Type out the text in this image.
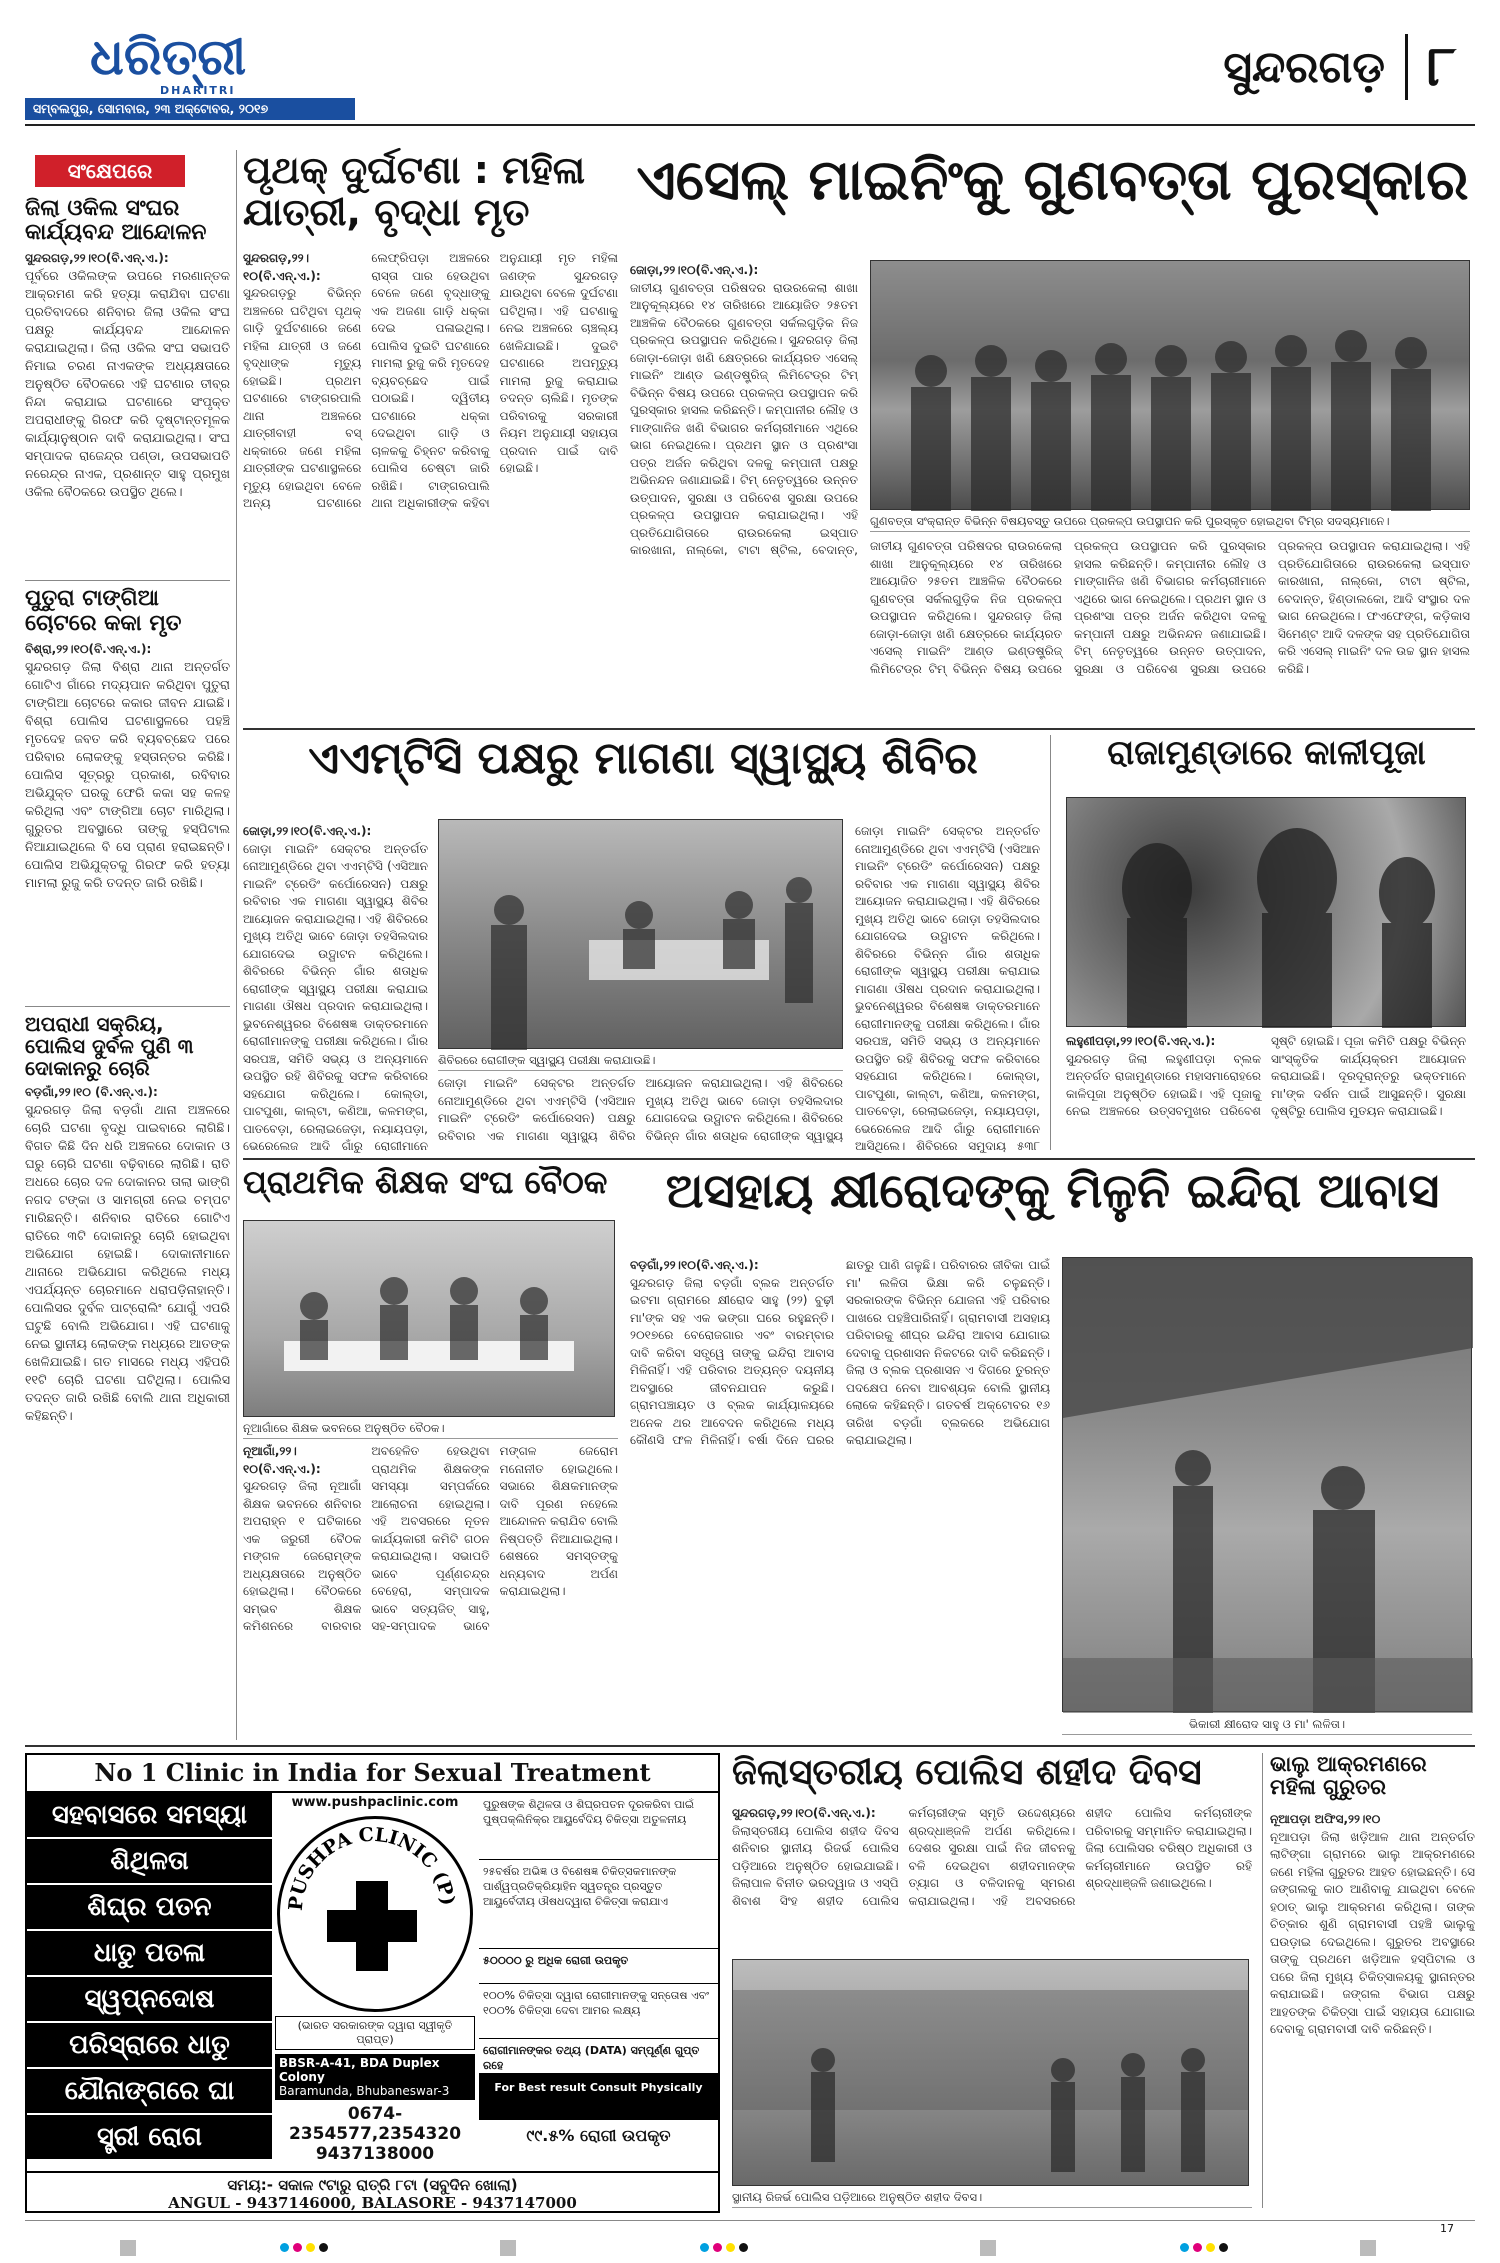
ଧରିତ୍ରୀ
DHARITRI
ସମ୍ବଲପୁର, ସୋମବାର, ୨୩ ଅକ୍ଟୋବର, ୨୦୧୭
ସୁନ୍ଦରଗଡ଼ ୮
ସଂକ୍ଷେପରେ
ଜିଲା ଓକିଲ ସଂଘର କାର୍ଯ୍ୟବନ୍ଦ ଆନ୍ଦୋଳନ
ସୁନ୍ଦରଗଡ଼,୨୨।୧୦(ବି.ଏନ୍.ଏ.):
ପୂର୍ବରେ ଓକିଲଙ୍କ ଉପରେ ମରଣାନ୍ତକ ଆକ୍ରମଣ କରି ହତ୍ୟା କରାଯିବା ଘଟଣା ପ୍ରତିବାଦରେ ଶନିବାର ଜିଲା ଓକିଲ ସଂଘ ପକ୍ଷରୁ କାର୍ଯ୍ୟବନ୍ଦ ଆନ୍ଦୋଳନ କରାଯାଇଥିଲା। ଜିଲା ଓକିଲ ସଂଘ ସଭାପତି ନିମାଇ ଚରଣ ନାଏକଙ୍କ ଅଧ୍ୟକ୍ଷତାରେ ଅନୁଷ୍ଠିତ ବୈଠକରେ ଏହି ଘଟଣାର ତୀବ୍ର ନିନ୍ଦା କରାଯାଇ ଘଟଣାରେ ସଂପୃକ୍ତ ଅପରାଧୀଙ୍କୁ ଗିରଫ କରି ଦୃଷ୍ଟାନ୍ତମୂଳକ କାର୍ଯ୍ୟାନୁଷ୍ଠାନ ଦାବି କରାଯାଇଥିଲା। ସଂଘ ସମ୍ପାଦକ ରାଜେନ୍ଦ୍ର ପଣ୍ଡା, ଉପସଭାପତି ନରେନ୍ଦ୍ର ନାଏକ, ପ୍ରଶାନ୍ତ ସାହୁ ପ୍ରମୁଖ ଓକିଲ ବୈଠକରେ ଉପସ୍ଥିତ ଥିଲେ।
ପୁତୁରା ଟାଙ୍ଗିଆ ଚୋଟରେ କକା ମୃତ
ବିଶ୍ରା,୨୨।୧୦(ବି.ଏନ୍.ଏ.):
ସୁନ୍ଦରଗଡ଼ ଜିଲା ବିଶ୍ରା ଥାନା ଅନ୍ତର୍ଗତ ଗୋଟିଏ ଗାଁରେ ମଦ୍ୟପାନ କରିଥିବା ପୁତୁରା ଟାଙ୍ଗିଆ ଚୋଟରେ କକାର ଜୀବନ ଯାଇଛି। ବିଶ୍ରା ପୋଲିସ ଘଟଣାସ୍ଥଳରେ ପହଞ୍ଚି ମୃତଦେହ ଜବତ କରି ବ୍ୟବଚ୍ଛେଦ ପରେ ପରିବାର ଲୋକଙ୍କୁ ହସ୍ତାନ୍ତର କରିଛି। ପୋଲିସ ସୂତ୍ରରୁ ପ୍ରକାଶ, ରବିବାର ଅଭିଯୁକ୍ତ ଘରକୁ ଫେରି କକା ସହ କଳହ କରିଥିଲା ଏବଂ ଟାଙ୍ଗିଆ ଚୋଟ ମାରିଥିଲା। ଗୁରୁତର ଅବସ୍ଥାରେ ତାଙ୍କୁ ହସ୍ପିଟାଲ ନିଆଯାଇଥିଲେ ବି ସେ ପ୍ରାଣ ହରାଇଛନ୍ତି। ପୋଲିସ ଅଭିଯୁକ୍ତକୁ ଗିରଫ କରି ହତ୍ୟା ମାମଲା ରୁଜୁ କରି ତଦନ୍ତ ଜାରି ରଖିଛି।
ଅପରାଧୀ ସକ୍ରିୟ, ପୋଲିସ ଦୁର୍ବଳ ପୁଣି ୩ ଦୋକାନରୁ ଚୋରି
ବଡ଼ଗାଁ,୨୨।୧୦ (ବି.ଏନ୍.ଏ.):
ସୁନ୍ଦରଗଡ଼ ଜିଲା ବଡ଼ଗାଁ ଥାନା ଅଞ୍ଚଳରେ ଚୋରି ଘଟଣା ବୃଦ୍ଧି ପାଇବାରେ ଲାଗିଛି। ବିଗତ କିଛି ଦିନ ଧରି ଅଞ୍ଚଳରେ ଦୋକାନ ଓ ଘରୁ ଚୋରି ଘଟଣା ବଢ଼ିବାରେ ଲାଗିଛି। ରାତି ଅଧରେ ଚୋର ଦଳ ଦୋକାନର ତାଲା ଭାଙ୍ଗି ନଗଦ ଟଙ୍କା ଓ ସାମଗ୍ରୀ ନେଇ ଚମ୍ପଟ ମାରିଛନ୍ତି। ଶନିବାର ରାତିରେ ଗୋଟିଏ ରାତିରେ ୩ଟି ଦୋକାନରୁ ଚୋରି ହୋଇଥିବା ଅଭିଯୋଗ ହୋଇଛି। ଦୋକାନୀମାନେ ଥାନାରେ ଅଭିଯୋଗ କରିଥିଲେ ମଧ୍ୟ ଏପର୍ଯ୍ୟନ୍ତ ଚୋରମାନେ ଧରାପଡ଼ିନାହାନ୍ତି। ପୋଲିସର ଦୁର୍ବଳ ପାଟ୍ରୋଲିଂ ଯୋଗୁଁ ଏପରି ଘଟୁଛି ବୋଲି ଅଭିଯୋଗ। ଏହି ଘଟଣାକୁ ନେଇ ସ୍ଥାନୀୟ ଲୋକଙ୍କ ମଧ୍ୟରେ ଆତଙ୍କ ଖେଳିଯାଇଛି। ଗତ ମାସରେ ମଧ୍ୟ ଏହିପରି ୧୧ଟି ଚୋରି ଘଟଣା ଘଟିଥିଲା। ପୋଲିସ ତଦନ୍ତ ଜାରି ରଖିଛି ବୋଲି ଥାନା ଅଧିକାରୀ କହିଛନ୍ତି।
ପୃଥକ୍ ଦୁର୍ଘଟଣା : ମହିଳା ଯାତ୍ରୀ, ବୃଦ୍ଧା ମୃତ
ସୁନ୍ଦରଗଡ଼,୨୨।୧୦(ବି.ଏନ୍.ଏ.):
ସୁନ୍ଦରଗଡ଼ରୁ ବିଭିନ୍ନ ଅଞ୍ଚଳରେ ଘଟିଥିବା ପୃଥକ୍ ଗାଡ଼ି ଦୁର୍ଘଟଣାରେ ଜଣେ ମହିଳା ଯାତ୍ରୀ ଓ ଜଣେ ବୃଦ୍ଧାଙ୍କ ମୃତ୍ୟୁ ହୋଇଛି। ପ୍ରଥମ ଘଟଣାରେ ଟାଙ୍ଗରପାଲି ଥାନା ଅଞ୍ଚଳରେ ଯାତ୍ରୀବାହୀ ବସ୍ ଧକ୍କାରେ ଜଣେ ମହିଳା ଯାତ୍ରୀଙ୍କ ଘଟଣାସ୍ଥଳରେ ମୃତ୍ୟୁ ହୋଇଥିବା ବେଳେ ଅନ୍ୟ ଘଟଣାରେ ଲେଫ୍ରିପଡ଼ା ଅଞ୍ଚଳରେ ରାସ୍ତା ପାର ହେଉଥିବା ବେଳେ ଜଣେ ବୃଦ୍ଧାଙ୍କୁ ଏକ ଅଜଣା ଗାଡ଼ି ଧକ୍କା ଦେଇ ପଳାଇଥିଲା। ପୋଲିସ ଦୁଇଟି ଘଟଣାରେ ମାମଲା ରୁଜୁ କରି ମୃତଦେହ ବ୍ୟବଚ୍ଛେଦ ପାଇଁ ପଠାଇଛି। ଦ୍ୱିତୀୟ ଘଟଣାରେ ଧକ୍କା ଦେଇଥିବା ଗାଡ଼ି ଓ ଚାଳକକୁ ଚିହ୍ନଟ କରିବାକୁ ପୋଲିସ ଚେଷ୍ଟା ଜାରି ରଖିଛି। ଟାଙ୍ଗରପାଲି ଥାନା ଅଧିକାରୀଙ୍କ କହିବା ଅନୁଯାୟୀ ମୃତ ମହିଳା ଜଣଙ୍କ ସୁନ୍ଦରଗଡ଼ ଯାଉଥିବା ବେଳେ ଦୁର୍ଘଟଣା ଘଟିଥିଲା। ଏହି ଘଟଣାକୁ ନେଇ ଅଞ୍ଚଳରେ ଚାଞ୍ଚଲ୍ୟ ଖେଳିଯାଇଛି। ଦୁଇଟି ଘଟଣାରେ ଅପମୃତ୍ୟୁ ମାମଲା ରୁଜୁ କରାଯାଇ ତଦନ୍ତ ଚାଲିଛି। ମୃତଙ୍କ ପରିବାରକୁ ସରକାରୀ ନିୟମ ଅନୁଯାୟୀ ସହାୟତା ପ୍ରଦାନ ପାଇଁ ଦାବି ହୋଇଛି।
ଏସେଲ୍ ମାଇନିଂକୁ ଗୁଣବତ୍ତା ପୁରସ୍କାର
ଜୋଡ଼ା,୨୨।୧୦(ବି.ଏନ୍.ଏ.):
ଜାତୀୟ ଗୁଣବତ୍ତା ପରିଷଦର ରାଉରକେଲା ଶାଖା ଆନୁକୂଲ୍ୟରେ ୧୪ ତାରିଖରେ ଆୟୋଜିତ ୨୫ତମ ଆଞ୍ଚଳିକ ବୈଠକରେ ଗୁଣବତ୍ତା ସର୍କଲଗୁଡ଼ିକ ନିଜ ପ୍ରକଳ୍ପ ଉପସ୍ଥାପନ କରିଥିଲେ। ସୁନ୍ଦରଗଡ଼ ଜିଲା ଜୋଡ଼ା-ଜୋଡ଼ା ଖଣି କ୍ଷେତ୍ରରେ କାର୍ଯ୍ୟରତ ଏସେଲ୍ ମାଇନିଂ ଆଣ୍ଡ ଇଣ୍ଡଷ୍ଟ୍ରିଜ୍ ଲିମିଟେଡ୍ର ଟିମ୍ ବିଭିନ୍ନ ବିଷୟ ଉପରେ ପ୍ରକଳ୍ପ ଉପସ୍ଥାପନ କରି ପୁରସ୍କାର ହାସଲ କରିଛନ୍ତି। କମ୍ପାନୀର ଲୌହ ଓ ମାଙ୍ଗାନିଜ ଖଣି ବିଭାଗର କର୍ମଚାରୀମାନେ ଏଥିରେ ଭାଗ ନେଇଥିଲେ। ପ୍ରଥମ ସ୍ଥାନ ଓ ପ୍ରଶଂସା ପତ୍ର ଅର୍ଜନ କରିଥିବା ଦଳକୁ କମ୍ପାନୀ ପକ୍ଷରୁ ଅଭିନନ୍ଦନ ଜଣାଯାଇଛି। ଟିମ୍ ନେତୃତ୍ୱରେ ଉନ୍ନତ ଉତ୍ପାଦନ, ସୁରକ୍ଷା ଓ ପରିବେଶ ସୁରକ୍ଷା ଉପରେ ପ୍ରକଳ୍ପ ଉପସ୍ଥାପନ କରାଯାଇଥିଲା। ଏହି ପ୍ରତିଯୋଗିତାରେ ରାଉରକେଲା ଇସ୍ପାତ କାରଖାନା, ନାଲ୍କୋ, ଟାଟା ଷ୍ଟିଲ, ବେଦାନ୍ତ,
ଗୁଣବତ୍ତା ସଂକ୍ରାନ୍ତ ବିଭିନ୍ନ ବିଷୟବସ୍ତୁ ଉପରେ ପ୍ରକଳ୍ପ ଉପସ୍ଥାପନ କରି ପୁରସ୍କୃତ ହୋଇଥିବା ଟିମ୍ର ସଦସ୍ୟମାନେ।
ଜାତୀୟ ଗୁଣବତ୍ତା ପରିଷଦର ରାଉରକେଲା ଶାଖା ଆନୁକୂଲ୍ୟରେ ୧୪ ତାରିଖରେ ଆୟୋଜିତ ୨୫ତମ ଆଞ୍ଚଳିକ ବୈଠକରେ ଗୁଣବତ୍ତା ସର୍କଲଗୁଡ଼ିକ ନିଜ ପ୍ରକଳ୍ପ ଉପସ୍ଥାପନ କରିଥିଲେ। ସୁନ୍ଦରଗଡ଼ ଜିଲା ଜୋଡ଼ା-ଜୋଡ଼ା ଖଣି କ୍ଷେତ୍ରରେ କାର୍ଯ୍ୟରତ ଏସେଲ୍ ମାଇନିଂ ଆଣ୍ଡ ଇଣ୍ଡଷ୍ଟ୍ରିଜ୍ ଲିମିଟେଡ୍ର ଟିମ୍ ବିଭିନ୍ନ ବିଷୟ ଉପରେ ପ୍ରକଳ୍ପ ଉପସ୍ଥାପନ କରି ପୁରସ୍କାର ହାସଲ କରିଛନ୍ତି। କମ୍ପାନୀର ଲୌହ ଓ ମାଙ୍ଗାନିଜ ଖଣି ବିଭାଗର କର୍ମଚାରୀମାନେ ଏଥିରେ ଭାଗ ନେଇଥିଲେ। ପ୍ରଥମ ସ୍ଥାନ ଓ ପ୍ରଶଂସା ପତ୍ର ଅର୍ଜନ କରିଥିବା ଦଳକୁ କମ୍ପାନୀ ପକ୍ଷରୁ ଅଭିନନ୍ଦନ ଜଣାଯାଇଛି। ଟିମ୍ ନେତୃତ୍ୱରେ ଉନ୍ନତ ଉତ୍ପାଦନ, ସୁରକ୍ଷା ଓ ପରିବେଶ ସୁରକ୍ଷା ଉପରେ ପ୍ରକଳ୍ପ ଉପସ୍ଥାପନ କରାଯାଇଥିଲା। ଏହି ପ୍ରତିଯୋଗିତାରେ ରାଉରକେଲା ଇସ୍ପାତ କାରଖାନା, ନାଲ୍କୋ, ଟାଟା ଷ୍ଟିଲ, ବେଦାନ୍ତ, ହିଣ୍ଡାଲକୋ, ଆଦି ସଂସ୍ଥାର ଦଳ ଭାଗ ନେଇଥିଲେ। ଫଏଫେଙ୍ଗ, କଡ଼ିକାସ ସିମେଣ୍ଟ ଆଦି ଦଳଙ୍କ ସହ ପ୍ରତିଯୋଗିତା କରି ଏସେଲ୍ ମାଇନିଂ ଦଳ ଉଚ୍ଚ ସ୍ଥାନ ହାସଲ କରିଛି।
ଏଏମ୍ଟିସି ପକ୍ଷରୁ ମାଗଣା ସ୍ୱାସ୍ଥ୍ୟ ଶିବିର
ଜୋଡ଼ା,୨୨।୧୦(ବି.ଏନ୍.ଏ.):
ଜୋଡ଼ା ମାଇନିଂ ସେକ୍ଟର ଅନ୍ତର୍ଗତ ନୋଆମୁଣ୍ଡିରେ ଥିବା ଏଏମ୍ଟିସି (ଏସିଆନ ମାଇନିଂ ଟ୍ରେଡିଂ କର୍ପୋରେସନ) ପକ୍ଷରୁ ରବିବାର ଏକ ମାଗଣା ସ୍ୱାସ୍ଥ୍ୟ ଶିବିର ଆୟୋଜନ କରାଯାଇଥିଲା। ଏହି ଶିବିରରେ ମୁଖ୍ୟ ଅତିଥି ଭାବେ ଜୋଡ଼ା ତହସିଲଦାର ଯୋଗଦେଇ ଉଦ୍ଘାଟନ କରିଥିଲେ। ଶିବିରରେ ବିଭିନ୍ନ ଗାଁର ଶତାଧିକ ରୋଗୀଙ୍କ ସ୍ୱାସ୍ଥ୍ୟ ପରୀକ୍ଷା କରାଯାଇ ମାଗଣା ଔଷଧ ପ୍ରଦାନ କରାଯାଇଥିଲା। ଭୁବନେଶ୍ୱରର ବିଶେଷଜ୍ଞ ଡାକ୍ତରମାନେ ରୋଗୀମାନଙ୍କୁ ପରୀକ୍ଷା କରିଥିଲେ। ଗାଁର ସରପଞ୍ଚ, ସମିତି ସଭ୍ୟ ଓ ଅନ୍ୟମାନେ ଉପସ୍ଥିତ ରହି ଶିବିରକୁ ସଫଳ କରିବାରେ ସହଯୋଗ କରିଥିଲେ। କୋଲ୍ଡା, ପାଟପୁଶା, କାଲ୍ଟା, କଣିଆ, କଳମଙ୍ଗ, ପାତବେଡ଼ା, ରେଲାଇଜେଡ଼ା, ନୟାୟପଡ଼ା, ଭେରେଲେଜ ଆଦି ଗାଁରୁ ରୋଗୀମାନେ
ଶିବିରରେ ରୋଗୀଙ୍କ ସ୍ୱାସ୍ଥ୍ୟ ପରୀକ୍ଷା କରାଯାଉଛି।
ଜୋଡ଼ା ମାଇନିଂ ସେକ୍ଟର ଅନ୍ତର୍ଗତ ନୋଆମୁଣ୍ଡିରେ ଥିବା ଏଏମ୍ଟିସି (ଏସିଆନ ମାଇନିଂ ଟ୍ରେଡିଂ କର୍ପୋରେସନ) ପକ୍ଷରୁ ରବିବାର ଏକ ମାଗଣା ସ୍ୱାସ୍ଥ୍ୟ ଶିବିର ଆୟୋଜନ କରାଯାଇଥିଲା। ଏହି ଶିବିରରେ ମୁଖ୍ୟ ଅତିଥି ଭାବେ ଜୋଡ଼ା ତହସିଲଦାର ଯୋଗଦେଇ ଉଦ୍ଘାଟନ କରିଥିଲେ। ଶିବିରରେ ବିଭିନ୍ନ ଗାଁର ଶତାଧିକ ରୋଗୀଙ୍କ ସ୍ୱାସ୍ଥ୍ୟ
ଜୋଡ଼ା ମାଇନିଂ ସେକ୍ଟର ଅନ୍ତର୍ଗତ ନୋଆମୁଣ୍ଡିରେ ଥିବା ଏଏମ୍ଟିସି (ଏସିଆନ ମାଇନିଂ ଟ୍ରେଡିଂ କର୍ପୋରେସନ) ପକ୍ଷରୁ ରବିବାର ଏକ ମାଗଣା ସ୍ୱାସ୍ଥ୍ୟ ଶିବିର ଆୟୋଜନ କରାଯାଇଥିଲା। ଏହି ଶିବିରରେ ମୁଖ୍ୟ ଅତିଥି ଭାବେ ଜୋଡ଼ା ତହସିଲଦାର ଯୋଗଦେଇ ଉଦ୍ଘାଟନ କରିଥିଲେ। ଶିବିରରେ ବିଭିନ୍ନ ଗାଁର ଶତାଧିକ ରୋଗୀଙ୍କ ସ୍ୱାସ୍ଥ୍ୟ ପରୀକ୍ଷା କରାଯାଇ ମାଗଣା ଔଷଧ ପ୍ରଦାନ କରାଯାଇଥିଲା। ଭୁବନେଶ୍ୱରର ବିଶେଷଜ୍ଞ ଡାକ୍ତରମାନେ ରୋଗୀମାନଙ୍କୁ ପରୀକ୍ଷା କରିଥିଲେ। ଗାଁର ସରପଞ୍ଚ, ସମିତି ସଭ୍ୟ ଓ ଅନ୍ୟମାନେ ଉପସ୍ଥିତ ରହି ଶିବିରକୁ ସଫଳ କରିବାରେ ସହଯୋଗ କରିଥିଲେ। କୋଲ୍ଡା, ପାଟପୁଶା, କାଲ୍ଟା, କଣିଆ, କଳମଙ୍ଗ, ପାତବେଡ଼ା, ରେଲାଇଜେଡ଼ା, ନୟାୟପଡ଼ା, ଭେରେଲେଜ ଆଦି ଗାଁରୁ ରୋଗୀମାନେ ଆସିଥିଲେ। ଶିବିରରେ ସମୁଦାୟ ୫୩୮
ରାଜାମୁଣ୍ଡାରେ କାଳୀପୂଜା
ଲହୁଣୀପଡ଼ା,୨୨।୧୦(ବି.ଏନ୍.ଏ.):
ସୁନ୍ଦରଗଡ଼ ଜିଲା ଲହୁଣୀପଡ଼ା ବ୍ଲକ ଅନ୍ତର୍ଗତ ରାଜାମୁଣ୍ଡାରେ ମହାସମାରୋହରେ କାଳିପୂଜା ଅନୁଷ୍ଠିତ ହୋଇଛି। ଏହି ପୂଜାକୁ ନେଇ ଅଞ୍ଚଳରେ ଉତ୍ସବମୁଖର ପରିବେଶ ସୃଷ୍ଟି ହୋଇଛି। ପୂଜା କମିଟି ପକ୍ଷରୁ ବିଭିନ୍ନ ସାଂସ୍କୃତିକ କାର୍ଯ୍ୟକ୍ରମ ଆୟୋଜନ କରାଯାଇଛି। ଦୂରଦୂରାନ୍ତରୁ ଭକ୍ତମାନେ ମା'ଙ୍କ ଦର୍ଶନ ପାଇଁ ଆସୁଛନ୍ତି। ସୁରକ୍ଷା ଦୃଷ୍ଟିରୁ ପୋଲିସ ମୁତୟନ କରାଯାଇଛି।
ପ୍ରାଥମିକ ଶିକ୍ଷକ ସଂଘ ବୈଠକ
ନୂଆଗାଁରେ ଶିକ୍ଷକ ଭବନରେ ଅନୁଷ୍ଠିତ ବୈଠକ।
ନୂଆଗାଁ,୨୨।୧୦(ବି.ଏନ୍.ଏ.):
ସୁନ୍ଦରଗଡ଼ ଜିଲା ନୂଆଗାଁ ଶିକ୍ଷକ ଭବନରେ ଶନିବାର ଅପରାହ୍ନ ୧ ଘଟିକାରେ ଏକ ଜରୁରୀ ବୈଠକ ମଙ୍ଗଳ ଜେରୋମ୍ଙ୍କ ଅଧ୍ୟକ୍ଷତାରେ ଅନୁଷ୍ଠିତ ହୋଇଥିଲା। ବୈଠକରେ ସମ୍ଭବ ଶିକ୍ଷକ କମିଶନରେ ବାରବାର ଅବହେଳିତ ହେଉଥିବା ପ୍ରାଥମିକ ଶିକ୍ଷକଙ୍କ ସମସ୍ୟା ସମ୍ପର୍କରେ ଆଲୋଚନା ହୋଇଥିଲା। ଏହି ଅବସରରେ ନୂତନ କାର୍ଯ୍ୟକାରୀ କମିଟି ଗଠନ କରାଯାଇଥିଲା। ସଭାପତି ଭାବେ ପୂର୍ଣ୍ଣଚନ୍ଦ୍ର ବେହେରା, ସମ୍ପାଦକ ଭାବେ ସତ୍ୟଜିତ୍ ସାହୁ, ସହ-ସମ୍ପାଦକ ଭାବେ ମଙ୍ଗଳ ଜେରୋମ ମନୋନୀତ ହୋଇଥିଲେ। ସଭାରେ ଶିକ୍ଷକମାନଙ୍କ ଦାବି ପୂରଣ ନହେଲେ ଆନ୍ଦୋଳନ କରାଯିବ ବୋଲି ନିଷ୍ପତ୍ତି ନିଆଯାଇଥିଲା। ଶେଷରେ ସମସ୍ତଙ୍କୁ ଧନ୍ୟବାଦ ଅର୍ପଣ କରାଯାଇଥିଲା।
ଅସହାୟ କ୍ଷୀରୋଦଙ୍କୁ ମିଳୁନି ଇନ୍ଦିରା ଆବାସ
ବଡ଼ଗାଁ,୨୨।୧୦(ବି.ଏନ୍.ଏ.):
ସୁନ୍ଦରଗଡ଼ ଜିଲା ବଡ଼ଗାଁ ବ୍ଲକ ଅନ୍ତର୍ଗତ ଇଟମା ଗ୍ରାମରେ କ୍ଷୀରୋଦ ସାହୁ (୨୨) ବୁଢ଼ୀ ମା'ଙ୍କ ସହ ଏକ ଭଙ୍ଗା ଘରେ ରହୁଛନ୍ତି। ୨୦୧୭ରେ ବେରୋଜଗାର ଏବଂ ବାରମ୍ବାର ଦାବି କରିବା ସତ୍ତ୍ୱେ ତାଙ୍କୁ ଇନ୍ଦିରା ଆବାସ ମିଳିନାହିଁ। ଏହି ପରିବାର ଅତ୍ୟନ୍ତ ଦୟନୀୟ ଅବସ୍ଥାରେ ଜୀବନଯାପନ କରୁଛି। ଗ୍ରାମପଞ୍ଚାୟତ ଓ ବ୍ଲକ କାର୍ଯ୍ୟାଳୟରେ ଅନେକ ଥର ଆବେଦନ କରିଥିଲେ ମଧ୍ୟ କୌଣସି ଫଳ ମିଳିନାହିଁ। ବର୍ଷା ଦିନେ ଘରର ଛାତରୁ ପାଣି ଗଳୁଛି। ପରିବାରର ଜୀବିକା ପାଇଁ ମା' ଲଳିତା ଭିକ୍ଷା କରି ଚଳୁଛନ୍ତି। ସରକାରଙ୍କ ବିଭିନ୍ନ ଯୋଜନା ଏହି ପରିବାର ପାଖରେ ପହଞ୍ଚିପାରିନାହିଁ। ଗ୍ରାମବାସୀ ଅସହାୟ ପରିବାରକୁ ଶୀଘ୍ର ଇନ୍ଦିରା ଆବାସ ଯୋଗାଇ ଦେବାକୁ ପ୍ରଶାସନ ନିକଟରେ ଦାବି କରିଛନ୍ତି। ଜିଲା ଓ ବ୍ଲକ ପ୍ରଶାସନ ଏ ଦିଗରେ ତୁରନ୍ତ ପଦକ୍ଷେପ ନେବା ଆବଶ୍ୟକ ବୋଲି ସ୍ଥାନୀୟ ଲୋକେ କହିଛନ୍ତି। ଗତବର୍ଷ ଅକ୍ଟୋବର ୧୬ ତାରିଖ ବଡ଼ଗାଁ ବ୍ଲକରେ ଅଭିଯୋଗ କରାଯାଇଥିଲା।
ଭିକାରୀ କ୍ଷୀରୋଦ ସାହୁ ଓ ମା' ଲଳିତା।
No 1 Clinic in India for Sexual Treatment
ସହବାସରେ ସମସ୍ୟା
ଶିଥିଳତା
ଶିଘ୍ର ପତନ
ଧାତୁ ପତଳା
ସ୍ୱପ୍ନଦୋଷ
ପରିସ୍ରାରେ ଧାତୁ
ଯୌନାଙ୍ଗରେ ଘା
ସ୍ତ୍ରୀ ରୋଗ
www.pushpaclinic.com
PUSHPA CLINIC (P)
(ଭାରତ ସରକାରଙ୍କ ଦ୍ୱାରା ସ୍ୱୀକୃତି ପ୍ରାପ୍ତ)
BBSR-A-41, BDA Duplex Colony
Baramunda, Bhubaneswar-3
0674-2354577,2354320
9437138000
ପୁରୁଷଙ୍କ ଶିଥିଳତା ଓ ଶିଘ୍ରପତନ ଦୂରକରିବା ପାଇଁ ପୁଷ୍ପକ୍ଲିନିକ୍ର ଆୟୁର୍ବେଦିୟ ଚିକିତ୍ସା ଅତୁଳନୀୟ
୨୫ବର୍ଷର ଅଭିଜ୍ଞ ଓ ବିଶେଷଜ୍ଞ ଚିକିତ୍ସକମାନଙ୍କ ପାର୍ଶ୍ୱପ୍ରତିକ୍ରିୟାହିନ ସ୍ୱତନ୍ତ୍ର ପ୍ରସ୍ତୁତ ଆୟୁର୍ବେଦୀୟ ଔଷଧଦ୍ୱାରା ଚିକିତ୍ସା କରାଯାଏ
୫୦୦୦୦ ରୁ ଅଧିକ ରୋଗୀ ଉପକୃତ
୧୦୦% ଚିକିତ୍ସା ଦ୍ୱାରା ରୋଗୀମାନଙ୍କୁ ସନ୍ତୋଷ ଏବଂ ୧୦୦% ଚିକିତ୍ସା ଦେବା ଆମର ଲକ୍ଷ୍ୟ
ରୋଗୀମାନଙ୍କର ତଥ୍ୟ (DATA) ସମ୍ପୂର୍ଣ୍ଣ ଗୁପ୍ତ ରହେ
For Best result Consult Physically
୯୯.୫% ରୋଗୀ ଉପକୃତ
ସମୟ:- ସକାଳ ୯ଟାରୁ ରାତ୍ରି ୮ଟା (ସବୁଦିନ ଖୋଲା)
ANGUL - 9437146000, BALASORE - 9437147000
ଜିଲାସ୍ତରୀୟ ପୋଲିସ ଶହୀଦ ଦିବସ
ସୁନ୍ଦରଗଡ଼,୨୨।୧୦(ବି.ଏନ୍.ଏ.):
ଜିଲାସ୍ତରୀୟ ପୋଲିସ ଶହୀଦ ଦିବସ ଶନିବାର ସ୍ଥାନୀୟ ରିଜର୍ଭ ପୋଲିସ ପଡ଼ିଆରେ ଅନୁଷ୍ଠିତ ହୋଇଯାଇଛି। ଜିଲାପାଳ ବିନୀତ ଭରଦ୍ୱାଜ ଓ ଏସ୍ପି ଶିବାଶ ସିଂହ ଶହୀଦ ପୋଲିସ କର୍ମଚାରୀଙ୍କ ସ୍ମୃତି ଉଦ୍ଦେଶ୍ୟରେ ଶ୍ରଦ୍ଧାଞ୍ଜଳି ଅର୍ପଣ କରିଥିଲେ। ଦେଶର ସୁରକ୍ଷା ପାଇଁ ନିଜ ଜୀବନକୁ ବଳି ଦେଇଥିବା ଶହୀଦମାନଙ୍କ ତ୍ୟାଗ ଓ ବଳିଦାନକୁ ସ୍ମରଣ କରାଯାଇଥିଲା। ଏହି ଅବସରରେ ଶହୀଦ ପୋଲିସ କର୍ମଚାରୀଙ୍କ ପରିବାରକୁ ସମ୍ମାନିତ କରାଯାଇଥିଲା। ଜିଲା ପୋଲିସର ବରିଷ୍ଠ ଅଧିକାରୀ ଓ କର୍ମଚାରୀମାନେ ଉପସ୍ଥିତ ରହି ଶ୍ରଦ୍ଧାଞ୍ଜଳି ଜଣାଇଥିଲେ।
ସ୍ଥାନୀୟ ରିଜର୍ଭ ପୋଲିସ ପଡ଼ିଆରେ ଅନୁଷ୍ଠିତ ଶହୀଦ ଦିବସ।
ଭାଲୁ ଆକ୍ରମଣରେ ମହିଳା ଗୁରୁତର
ନୂଆପଡ଼ା ଅଫିସ,୨୨।୧୦
ନୂଆପଡ଼ା ଜିଲା ଖଡ଼ିଆଳ ଥାନା ଅନ୍ତର୍ଗତ ଲାଟିଙ୍ଗା ଗ୍ରାମରେ ଭାଲୁ ଆକ୍ରମଣରେ ଜଣେ ମହିଳା ଗୁରୁତର ଆହତ ହୋଇଛନ୍ତି। ସେ ଜଙ୍ଗଲକୁ କାଠ ଆଣିବାକୁ ଯାଇଥିବା ବେଳେ ହଠାତ୍ ଭାଲୁ ଆକ୍ରମଣ କରିଥିଲା। ତାଙ୍କ ଚିତ୍କାର ଶୁଣି ଗ୍ରାମବାସୀ ପହଞ୍ଚି ଭାଲୁକୁ ଘଉଡ଼ାଇ ଦେଇଥିଲେ। ଗୁରୁତର ଅବସ୍ଥାରେ ତାଙ୍କୁ ପ୍ରଥମେ ଖଡ଼ିଆଳ ହସ୍ପିଟାଲ ଓ ପରେ ଜିଲା ମୁଖ୍ୟ ଚିକିତ୍ସାଳୟକୁ ସ୍ଥାନାନ୍ତର କରାଯାଇଛି। ଜଙ୍ଗଲ ବିଭାଗ ପକ୍ଷରୁ ଆହତଙ୍କ ଚିକିତ୍ସା ପାଇଁ ସହାୟତା ଯୋଗାଇ ଦେବାକୁ ଗ୍ରାମବାସୀ ଦାବି କରିଛନ୍ତି।
17
